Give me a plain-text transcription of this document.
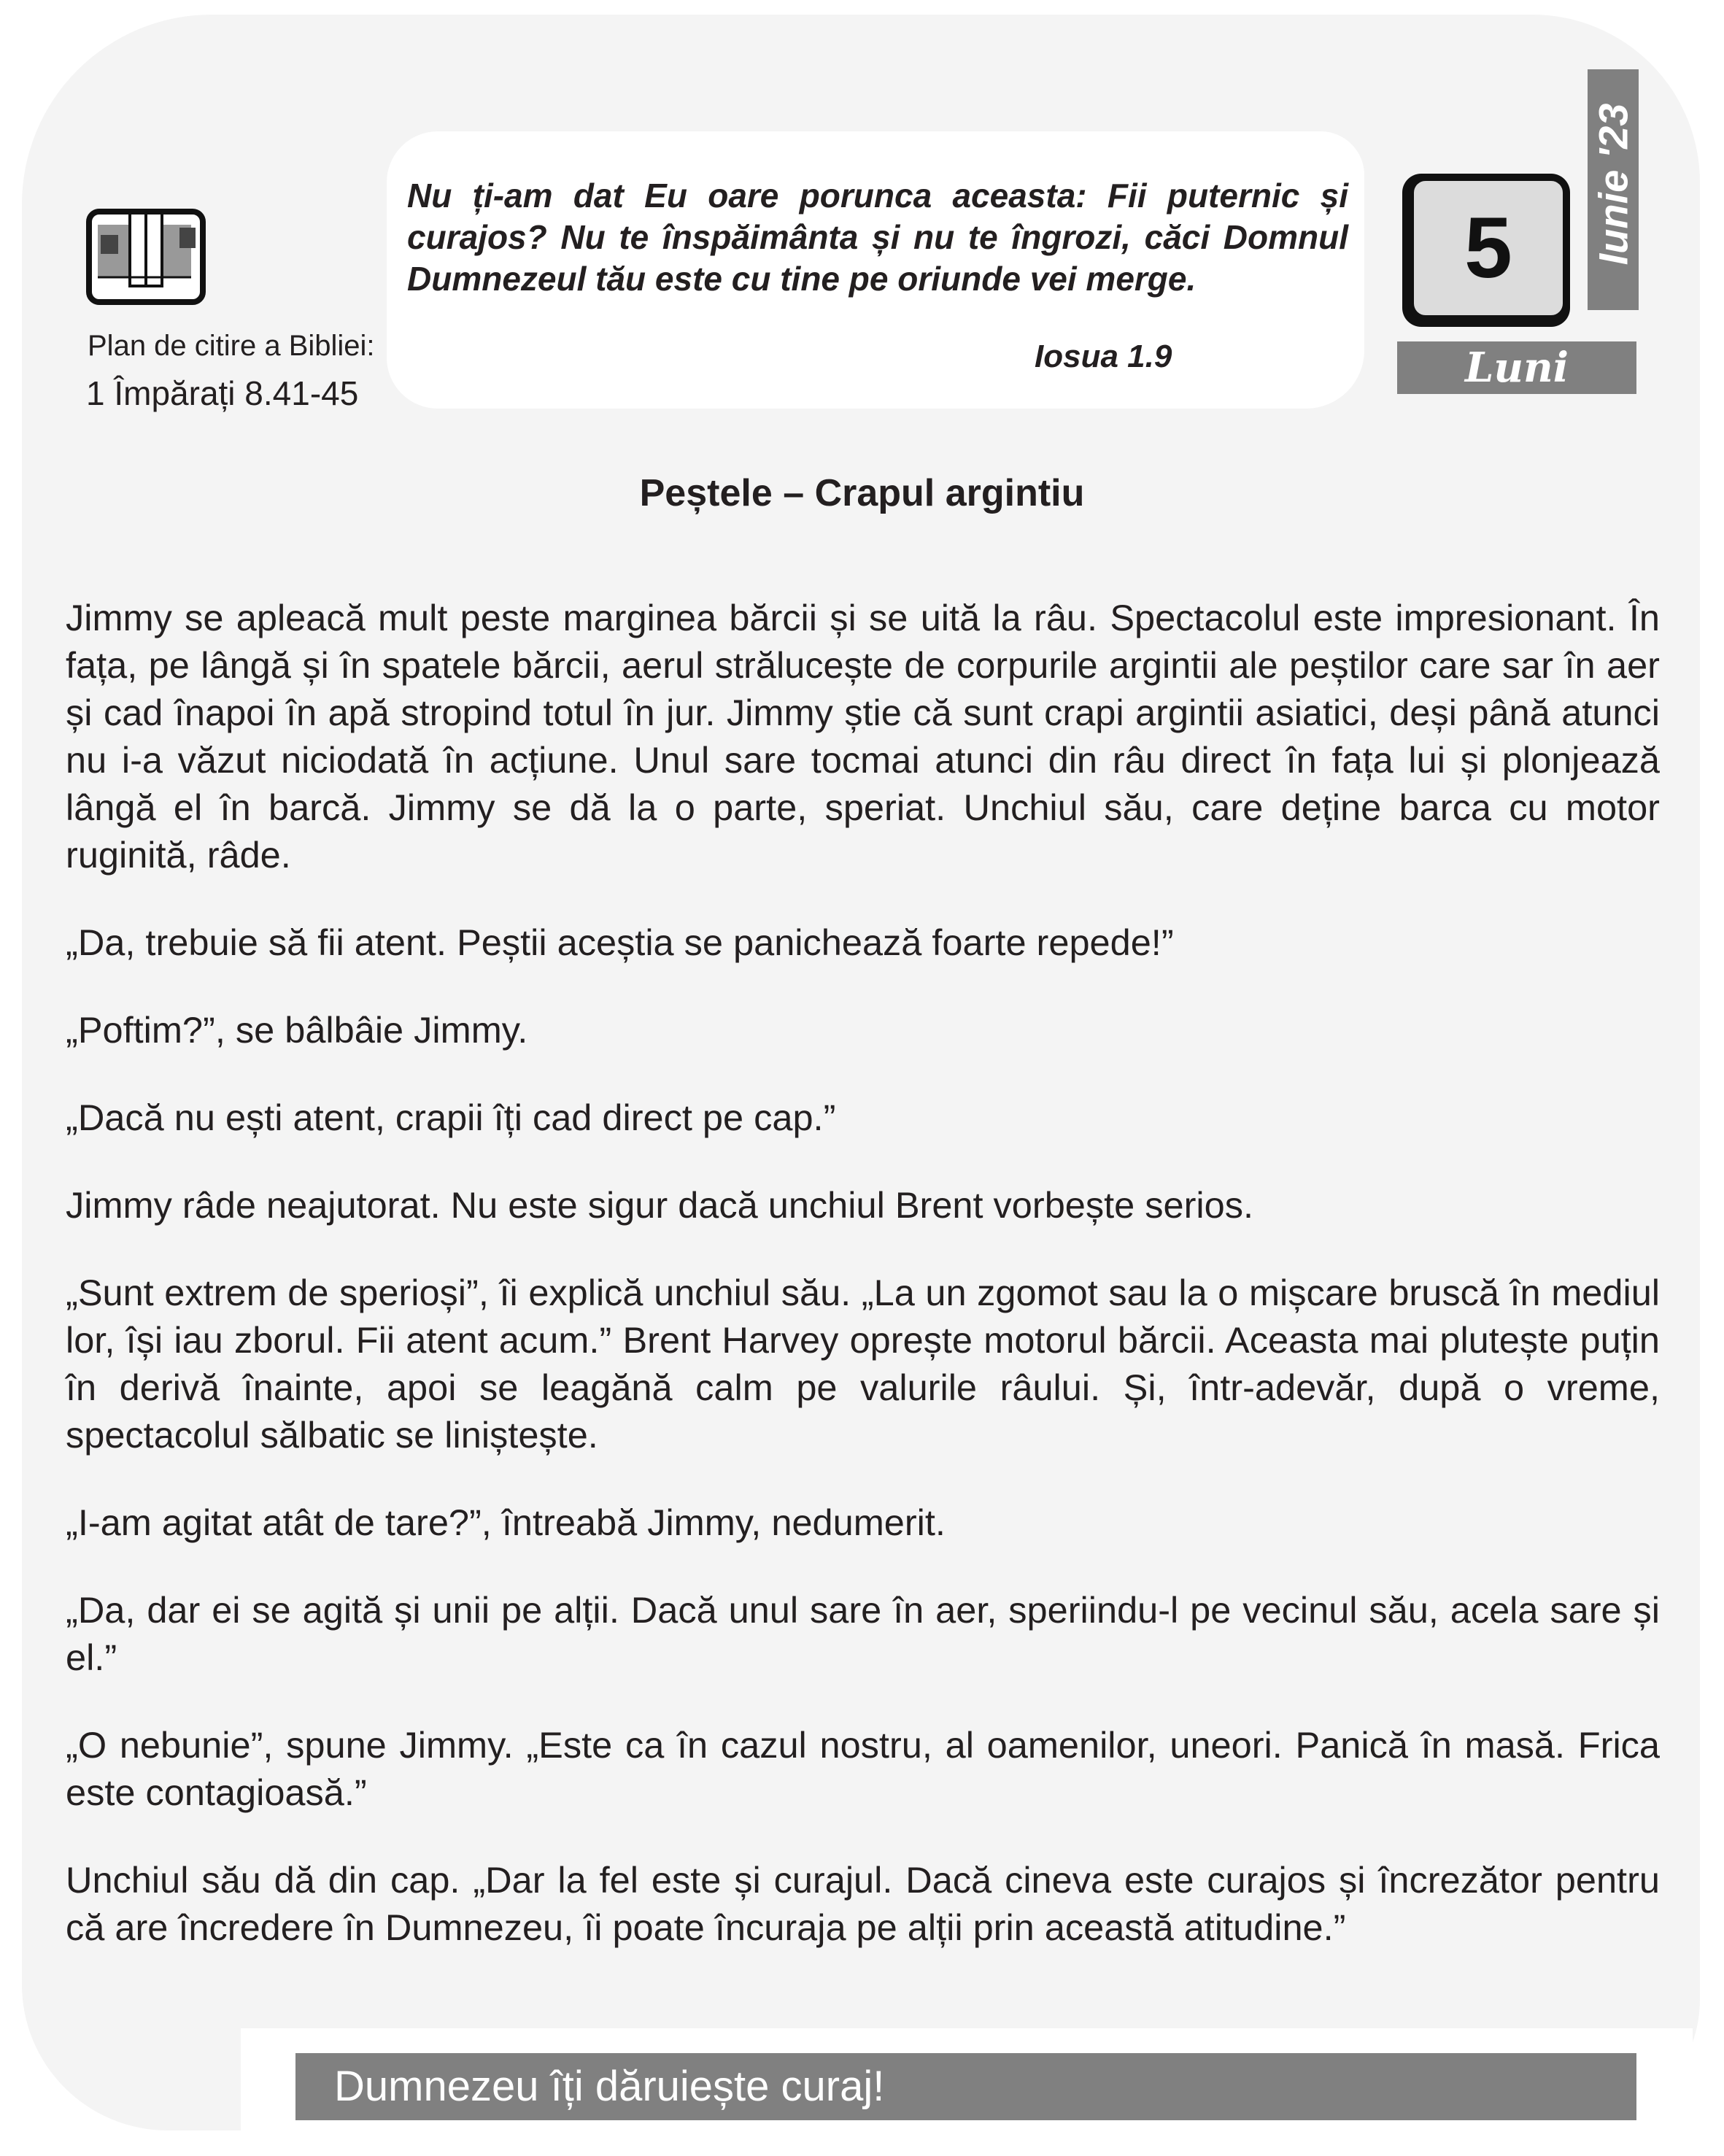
Plan de citire a Bibliei:
1 Împărați 8.41-45
Nu ți-am dat Eu oare porunca aceasta: Fii puternic și curajos? Nu te înspăimânta și nu te îngrozi, căci Domnul Dumnezeul tău este cu tine pe oriunde vei merge.
Iosua 1.9
Iunie '23
5
Luni
Peștele – Crapul argintiu

Jimmy se apleacă mult peste marginea bărcii și se uită la râu. Spectacolul este impresionant. În fața, pe lângă și în spatele bărcii, aerul strălucește de corpurile argintii ale peștilor care sar în aer și cad înapoi în apă stropind totul în jur. Jimmy știe că sunt crapi argintii asiatici, deși până atunci nu i-a văzut niciodată în acțiune. Unul sare tocmai atunci din râu direct în fața lui și plonjează lângă el în barcă. Jimmy se dă la o parte, speriat. Unchiul său, care deține barca cu motor ruginită, râde.

„Da, trebuie să fii atent. Peștii aceștia se panichează foarte repede!”

„Poftim?”, se bâlbâie Jimmy.

„Dacă nu ești atent, crapii îți cad direct pe cap.”

Jimmy râde neajutorat. Nu este sigur dacă unchiul Brent vorbește serios.

„Sunt extrem de sperioși”, îi explică unchiul său. „La un zgomot sau la o mișcare bruscă în mediul lor, își iau zborul. Fii atent acum.” Brent Harvey oprește motorul bărcii. Aceasta mai plutește puțin în derivă înainte, apoi se leagănă calm pe valurile râului. Și, într-adevăr, după o vreme, spectacolul sălbatic se liniștește.

„I-am agitat atât de tare?”, întreabă Jimmy, nedumerit.

„Da, dar ei se agită și unii pe alții. Dacă unul sare în aer, speriindu-l pe vecinul său, acela sare și el.”

„O nebunie”, spune Jimmy. „Este ca în cazul nostru, al oamenilor, uneori. Panică în masă. Frica este contagioasă.”

Unchiul său dă din cap. „Dar la fel este și curajul. Dacă cineva este curajos și încrezător pentru că are încredere în Dumnezeu, îi poate încuraja pe alții prin această atitudine.”

Dumnezeu îți dăruiește curaj!
